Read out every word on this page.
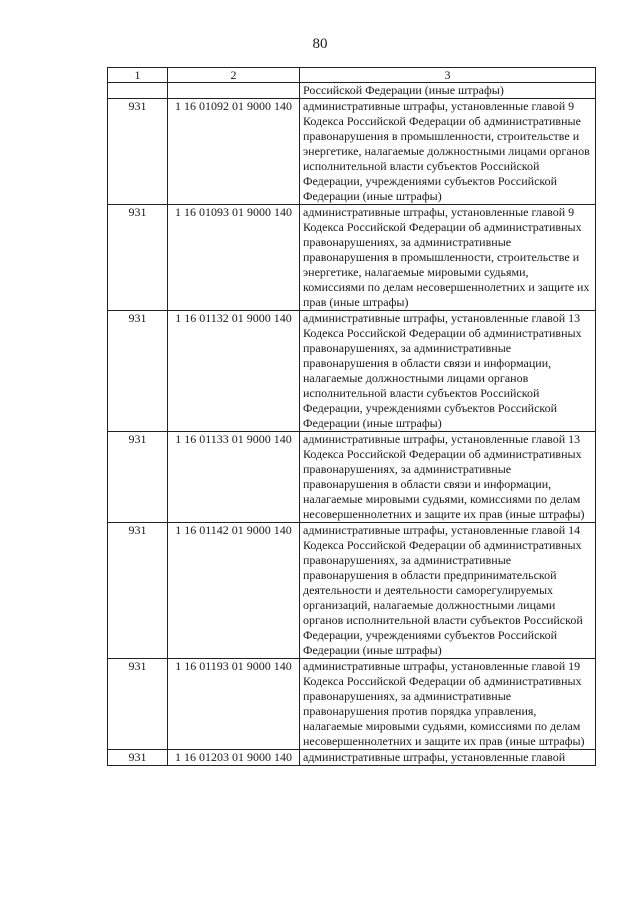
80
1	2	3
		Российской Федерации (иные штрафы)
931	1 16 01092 01 9000 140	административные штрафы, установленные главой 9 Кодекса Российской Федерации об административные правонарушения в промышленности, строительстве и энергетике, налагаемые должностными лицами органов исполнительной власти субъектов Российской Федерации, учреждениями субъектов Российской Федерации (иные штрафы)
931	1 16 01093 01 9000 140	административные штрафы, установленные главой 9 Кодекса Российской Федерации об административных правонарушениях, за административные правонарушения в промышленности, строительстве и энергетике, налагаемые мировыми судьями, комиссиями по делам несовершеннолетних и защите их прав (иные штрафы)
931	1 16 01132 01 9000 140	административные штрафы, установленные главой 13 Кодекса Российской Федерации об административных правонарушениях, за административные правонарушения в области связи и информации, налагаемые должностными лицами органов исполнительной власти субъектов Российской Федерации, учреждениями субъектов Российской Федерации (иные штрафы)
931	1 16 01133 01 9000 140	административные штрафы, установленные главой 13 Кодекса Российской Федерации об административных правонарушениях, за административные правонарушения в области связи и информации, налагаемые мировыми судьями, комиссиями по делам несовершеннолетних и защите их прав (иные штрафы)
931	1 16 01142 01 9000 140	административные штрафы, установленные главой 14 Кодекса Российской Федерации об административных правонарушениях, за административные правонарушения в области предпринимательской деятельности и деятельности саморегулируемых организаций, налагаемые должностными лицами органов исполнительной власти субъектов Российской Федерации, учреждениями субъектов Российской Федерации (иные штрафы)
931	1 16 01193 01 9000 140	административные штрафы, установленные главой 19 Кодекса Российской Федерации об административных правонарушениях, за административные правонарушения против порядка управления, налагаемые мировыми судьями, комиссиями по делам несовершеннолетних и защите их прав (иные штрафы)
931	1 16 01203 01 9000 140	административные штрафы, установленные главой
